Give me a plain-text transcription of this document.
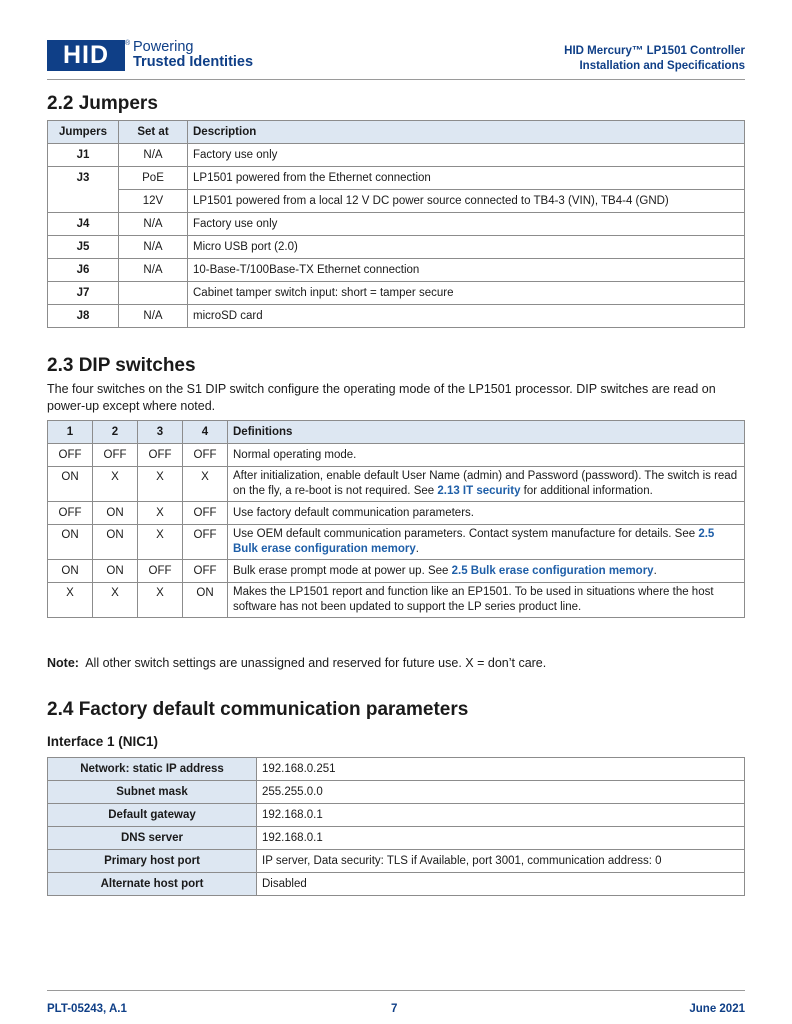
HID	® Powering
Trusted Identities
HID Mercury™ LP1501 Controller
Installation and Specifications
2.2 Jumpers
Jumpers	Set at	Description
J1	N/A	Factory use only
J3	PoE	LP1501 powered from the Ethernet connection
	12V	LP1501 powered from a local 12 V DC power source connected to TB4-3 (VIN), TB4-4 (GND)
J4	N/A	Factory use only
J5	N/A	Micro USB port (2.0)
J6	N/A	10-Base-T/100Base-TX Ethernet connection
J7		Cabinet tamper switch input: short = tamper secure
J8	N/A	microSD card
2.3 DIP switches

The four switches on the S1 DIP switch configure the operating mode of the LP1501 processor. DIP switches are read on power-up except where noted.

1	2	3	4	Definitions
OFF	OFF	OFF	OFF	Normal operating mode.
ON	X	X	X	After initialization, enable default User Name (admin) and Password (password). The switch is read on the fly, a re-boot is not required. See 2.13 IT security for additional information.
OFF	ON	X	OFF	Use factory default communication parameters.
ON	ON	X	OFF	Use OEM default communication parameters. Contact system manufacture for details. See 2.5 Bulk erase configuration memory.
ON	ON	OFF	OFF	Bulk erase prompt mode at power up. See 2.5 Bulk erase configuration memory.
X	X	X	ON	Makes the LP1501 report and function like an EP1501. To be used in situations where the host software has not been updated to support the LP series product line.

Note: All other switch settings are unassigned and reserved for future use. X = don’t care.

2.4 Factory default communication parameters
Interface 1 (NIC1)
Network: static IP address	192.168.0.251
Subnet mask	255.255.0.0
Default gateway	192.168.0.1
DNS server	192.168.0.1
Primary host port	IP server, Data security: TLS if Available, port 3001, communication address: 0
Alternate host port	Disabled
PLT-05243, A.1	7	June 2021
